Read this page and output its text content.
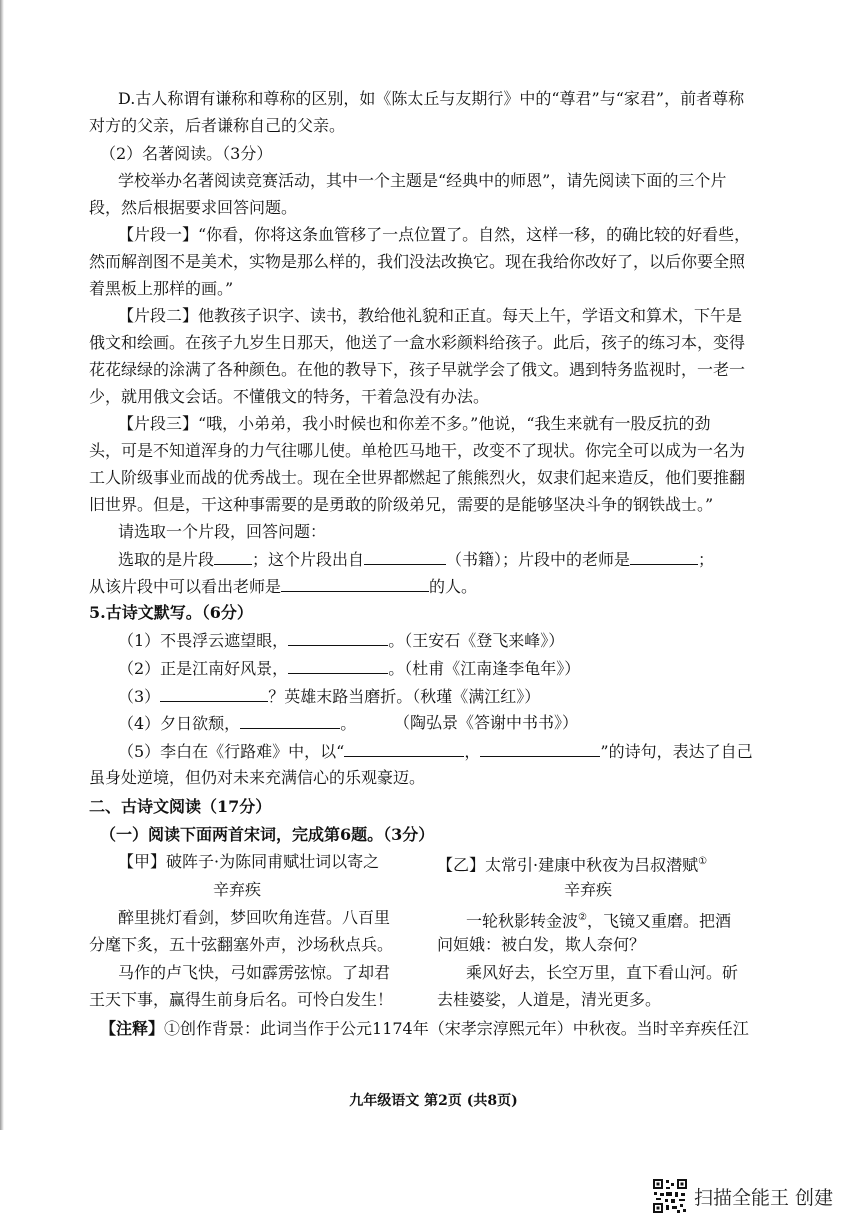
D.古人称谓有谦称和尊称的区别，如《陈太丘与友期行》中的“尊君”与“家君”，前者尊称
对方的父亲，后者谦称自己的父亲。
（2）名著阅读。（3分）
学校举办名著阅读竞赛活动，其中一个主题是“经典中的师恩”，请先阅读下面的三个片
段，然后根据要求回答问题。
【片段一】“你看，你将这条血管移了一点位置了。自然，这样一移，的确比较的好看些，
然而解剖图不是美术，实物是那么样的，我们没法改换它。现在我给你改好了，以后你要全照
着黑板上那样的画。”
【片段二】他教孩子识字、读书，教给他礼貌和正直。每天上午，学语文和算术，下午是
俄文和绘画。在孩子九岁生日那天，他送了一盒水彩颜料给孩子。此后，孩子的练习本，变得
花花绿绿的涂满了各种颜色。在他的教导下，孩子早就学会了俄文。遇到特务监视时，一老一
少，就用俄文会话。不懂俄文的特务，干着急没有办法。
【片段三】“哦，小弟弟，我小时候也和你差不多。”他说，“我生来就有一股反抗的劲
头，可是不知道浑身的力气往哪儿使。单枪匹马地干，改变不了现状。你完全可以成为一名为
工人阶级事业而战的优秀战士。现在全世界都燃起了熊熊烈火，奴隶们起来造反，他们要推翻
旧世界。但是，干这种事需要的是勇敢的阶级弟兄，需要的是能够坚决斗争的钢铁战士。”
请选取一个片段，回答问题：
选取的是片段 ；这个片段出自	（书籍）；片段中的老师是	；
从该片段中可以看出老师是	的人。
5.古诗文默写。（6分）
（1）不畏浮云遮望眼，	。（王安石《登飞来峰》）
（2）正是江南好风景，	。（杜甫《江南逢李龟年》）
（3）	？英雄末路当磨折。（秋瑾《满江红》）
（4）夕日欲颓，	。 （陶弘景《答谢中书书》）
（5）李白在《行路难》中，以“	，	”的诗句，表达了自己
虽身处逆境，但仍对未来充满信心的乐观豪迈。
二、古诗文阅读（17分）
（一）阅读下面两首宋词，完成第6题。（3分）
【甲】破阵子·为陈同甫赋壮词以寄之
辛弃疾
醉里挑灯看剑，梦回吹角连营。八百里
分麾下炙，五十弦翻塞外声，沙场秋点兵。
马作的卢飞快，弓如霹雳弦惊。了却君
王天下事，赢得生前身后名。可怜白发生！
【乙】太常引·建康中秋夜为吕叔潜赋①
辛弃疾
一轮秋影转金波②，飞镜又重磨。把酒
问姮娥：被白发，欺人奈何？
乘风好去，长空万里，直下看山河。斫
去桂婆娑，人道是，清光更多。
【注释】①创作背景：此词当作于公元1174年（宋孝宗淳熙元年）中秋夜。当时辛弃疾任江
九年级语文 第2页 (共8页)
扫描全能王 创建
